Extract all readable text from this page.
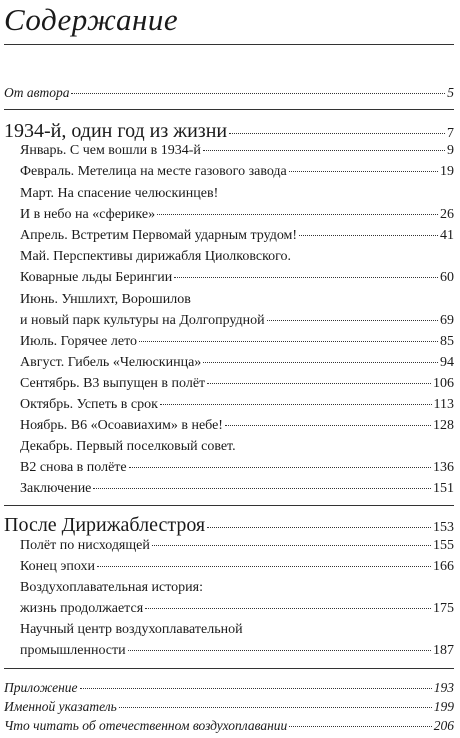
Содержание
От автора	5
1934-й, один год из жизни	7
Январь. С чем вошли в 1934-й	9
Февраль. Метелица на месте газового завода	19
Март. На спасение челюскинцев!
И в небо на «сферике»	26
Апрель. Встретим Первомай ударным трудом!	41
Май. Перспективы дирижабля Циолковского.
Коварные льды Берингии	60
Июнь. Уншлихт, Ворошилов
и новый парк культуры на Долгопрудной	69
Июль. Горячее лето	85
Август. Гибель «Челюскинца»	94
Сентябрь. В3 выпущен в полёт	106
Октябрь. Успеть в срок	113
Ноябрь. В6 «Осоавиахим» в небе!	128
Декабрь. Первый поселковый совет.
В2 снова в полёте	136
Заключение	151
После Дирижаблестроя	153
Полёт по нисходящей	155
Конец эпохи	166
Воздухоплавательная история:
жизнь продолжается	175
Научный центр воздухоплавательной
промышленности	187
Приложение	193
Именной указатель	199
Что читать об отечественном воздухоплавании	206
